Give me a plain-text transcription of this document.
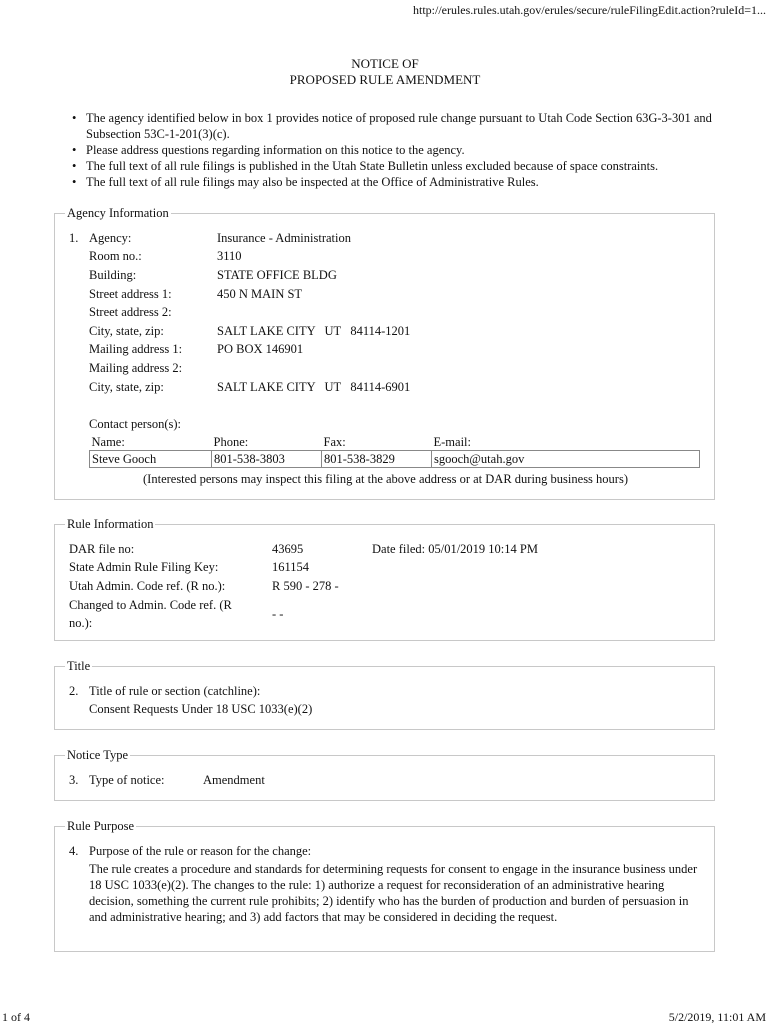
http://erules.rules.utah.gov/erules/secure/ruleFilingEdit.action?ruleId=1...
NOTICE OF
PROPOSED RULE AMENDMENT
• The agency identified below in box 1 provides notice of proposed rule change pursuant to Utah Code Section 63G-3-301 and Subsection 53C-1-201(3)(c).
• Please address questions regarding information on this notice to the agency.
• The full text of all rule filings is published in the Utah State Bulletin unless excluded because of space constraints.
• The full text of all rule filings may also be inspected at the Office of Administrative Rules.
Agency Information
1. Agency:	Insurance - Administration
Room no.:	3110
Building:	STATE OFFICE BLDG
Street address 1:	450 N MAIN ST
Street address 2:
City, state, zip:	SALT LAKE CITY   UT   84114-1201
Mailing address 1:	PO BOX 146901
Mailing address 2:
City, state, zip:	SALT LAKE CITY   UT   84114-6901
Contact person(s):
Name:	Phone:	Fax:	E-mail:
Steve Gooch	801-538-3803	801-538-3829	sgooch@utah.gov
(Interested persons may inspect this filing at the above address or at DAR during business hours)
Rule Information
DAR file no:	43695	Date filed: 05/01/2019 10:14 PM
State Admin Rule Filing Key:	161154
Utah Admin. Code ref. (R no.):	R 590 - 278 -
Changed to Admin. Code ref. (R
no.):
- -
Title
2. Title of rule or section (catchline):
Consent Requests Under 18 USC 1033(e)(2)
Notice Type
3. Type of notice:	Amendment
Rule Purpose
4. Purpose of the rule or reason for the change:
The rule creates a procedure and standards for determining requests for consent to engage in the insurance business under 18 USC 1033(e)(2). The changes to the rule: 1) authorize a request for reconsideration of an administrative hearing decision, something the current rule prohibits; 2) identify who has the burden of production and burden of persuasion in and administrative hearing; and 3) add factors that may be considered in deciding the request.
1 of 4	5/2/2019, 11:01 AM
